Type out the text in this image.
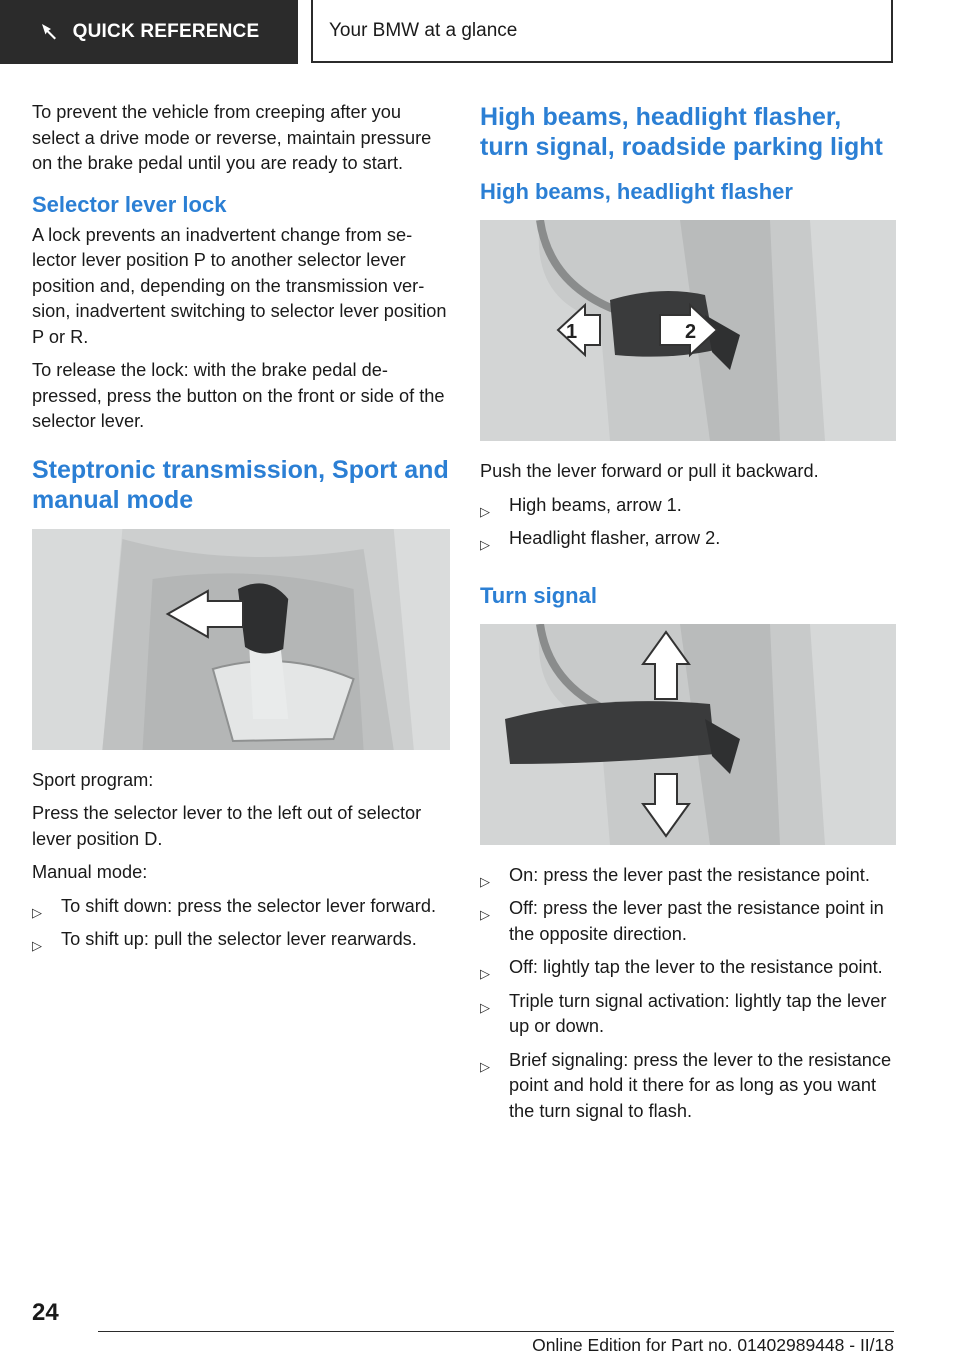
QUICK REFERENCE	Your BMW at a glance

To prevent the vehicle from creeping after you select a drive mode or reverse, maintain pressure on the brake pedal until you are ready to start.

Selector lever lock

A lock prevents an inadvertent change from selector lever position P to another selector lever position and, depending on the transmission version, inadvertent switching to selector lever position P or R.

To release the lock: with the brake pedal depressed, press the button on the front or side of the selector lever.

Steptronic transmission, Sport and manual mode

Sport program:

Press the selector lever to the left out of selector lever position D.

Manual mode:

▷ To shift down: press the selector lever forward.
▷ To shift up: pull the selector lever rearwards.
High beams, headlight flasher, turn signal, roadside parking light
High beams, headlight flasher
1	2

Push the lever forward or pull it backward.

▷ High beams, arrow 1.
▷ Headlight flasher, arrow 2.
Turn signal
▷ On: press the lever past the resistance point.
▷ Off: press the lever past the resistance point in the opposite direction.
▷ Off: lightly tap the lever to the resistance point.
▷ Triple turn signal activation: lightly tap the lever up or down.
▷ Brief signaling: press the lever to the resistance point and hold it there for as long as you want the turn signal to flash.
24
Online Edition for Part no. 01402989448 - II/18
